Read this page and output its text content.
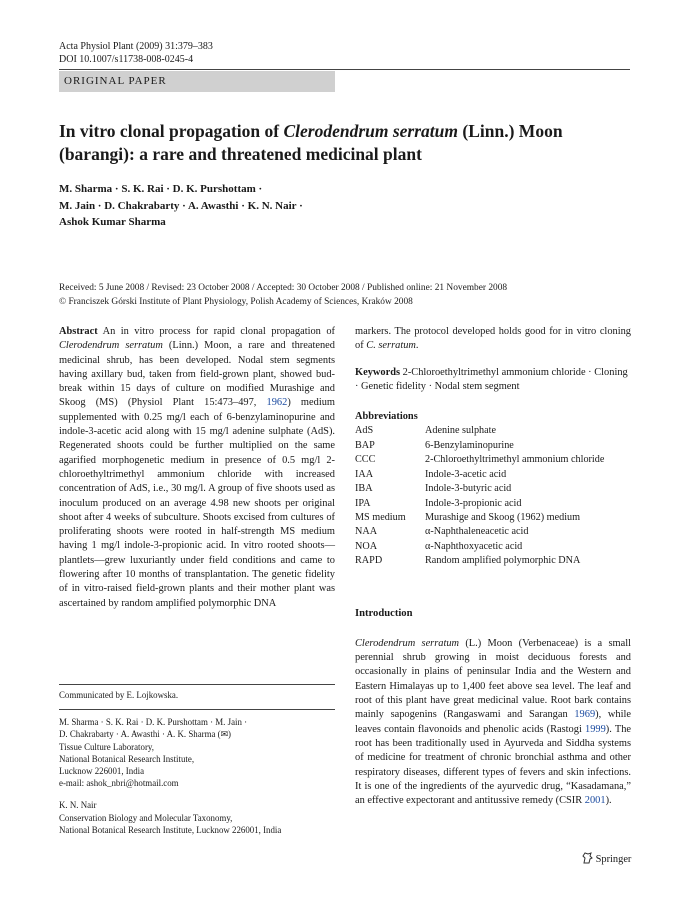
Acta Physiol Plant (2009) 31:379–383
DOI 10.1007/s11738-008-0245-4
ORIGINAL PAPER
In vitro clonal propagation of Clerodendrum serratum (Linn.) Moon (barangi): a rare and threatened medicinal plant
M. Sharma · S. K. Rai · D. K. Purshottam ·
M. Jain · D. Chakrabarty · A. Awasthi · K. N. Nair ·
Ashok Kumar Sharma
Received: 5 June 2008 / Revised: 23 October 2008 / Accepted: 30 October 2008 / Published online: 21 November 2008
© Franciszek Górski Institute of Plant Physiology, Polish Academy of Sciences, Kraków 2008

Abstract An in vitro process for rapid clonal propagation of Clerodendrum serratum (Linn.) Moon, a rare and threatened medicinal shrub, has been developed. Nodal stem segments having axillary bud, taken from field-grown plant, showed bud-break within 15 days of culture on modified Murashige and Skoog (MS) (Physiol Plant 15:473–497, 1962) medium supplemented with 0.25 mg/l each of 6-benzylaminopurine and indole-3-acetic acid along with 15 mg/l adenine sulphate (AdS). Regenerated shoots could be further multiplied on the same agarified morphogenetic medium in presence of 0.5 mg/l 2-chloroethyltrimethyl ammonium chloride with increased concentration of AdS, i.e., 30 mg/l. A group of five shoots used as inoculum produced on an average 4.98 new shoots per original shoot after 4 weeks of subculture. Shoots excised from cultures of proliferating shoots were rooted in half-strength MS medium having 1 mg/l indole-3-propionic acid. In vitro rooted shoots—plantlets—grew luxuriantly under field conditions and came to flowering after 10 months of transplantation. The genetic fidelity of in vitro-raised field-grown plants and their mother plant was ascertained by random amplified polymorphic DNA

Communicated by E. Lojkowska.
M. Sharma · S. K. Rai · D. K. Purshottam · M. Jain ·
D. Chakrabarty · A. Awasthi · A. K. Sharma (✉)
Tissue Culture Laboratory,
National Botanical Research Institute,
Lucknow 226001, India
e-mail: ashok_nbri@hotmail.com
K. N. Nair
Conservation Biology and Molecular Taxonomy,
National Botanical Research Institute, Lucknow 226001, India

markers. The protocol developed holds good for in vitro cloning of C. serratum.

Keywords 2-Chloroethyltrimethyl ammonium chloride · Cloning · Genetic fidelity · Nodal stem segment

Abbreviations
AdS	Adenine sulphate
BAP	6-Benzylaminopurine
CCC	2-Chloroethyltrimethyl ammonium chloride
IAA	Indole-3-acetic acid
IBA	Indole-3-butyric acid
IPA	Indole-3-propionic acid
MS medium	Murashige and Skoog (1962) medium
NAA	α-Naphthaleneacetic acid
NOA	α-Naphthoxyacetic acid
RAPD	Random amplified polymorphic DNA
Introduction

Clerodendrum serratum (L.) Moon (Verbenaceae) is a small perennial shrub growing in moist deciduous forests and occasionally in plains of peninsular India and the Western and Eastern Himalayas up to 1,400 feet above sea level. The leaf and root of this plant have great medicinal value. Root bark contains mainly sapogenins (Rangaswami and Sarangan 1969), while leaves contain flavonoids and phenolic acids (Rastogi 1999). The root has been traditionally used in Ayurveda and Siddha systems of medicine for treatment of chronic bronchial asthma and other respiratory diseases, different types of fevers and skin infections. It is one of the ingredients of the ayurvedic drug, “Kasadamana,” an effective expectorant and antitussive remedy (CSIR 2001).

Springer
